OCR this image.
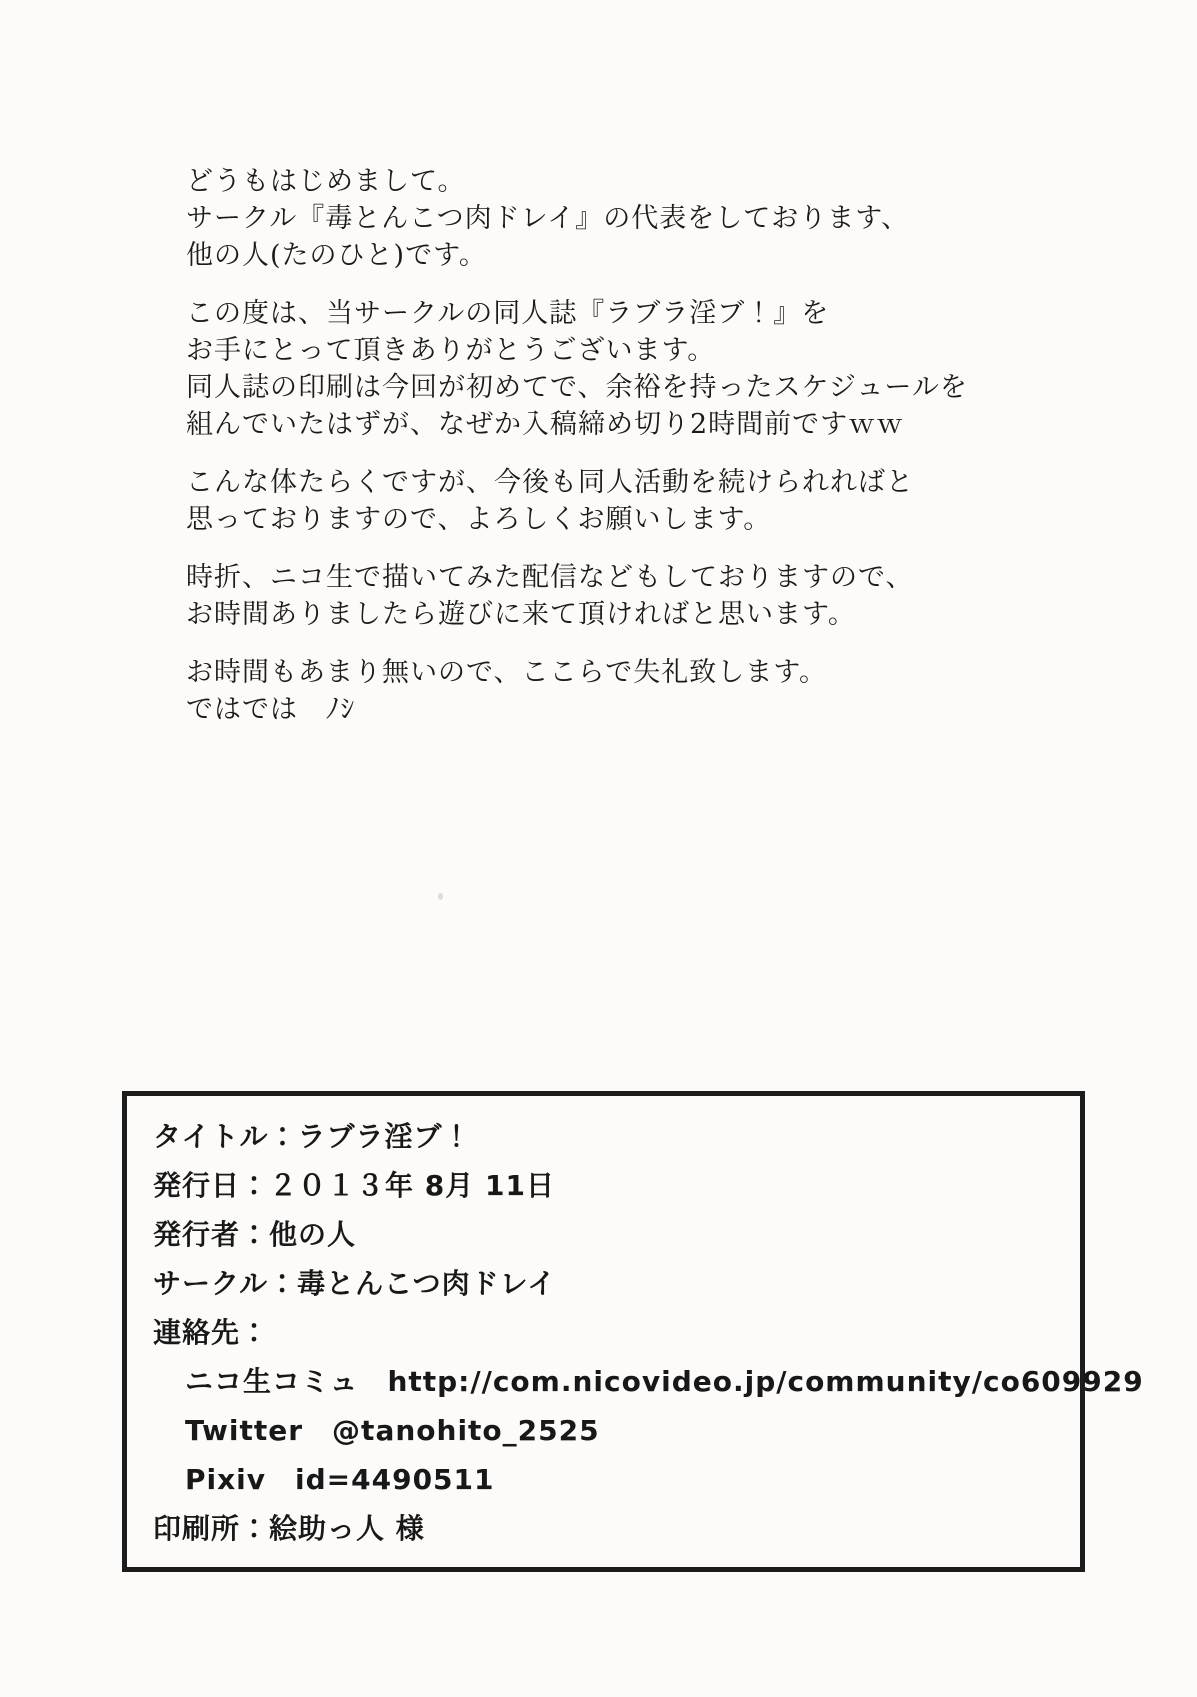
どうもはじめまして。
サークル『毒とんこつ肉ドレイ』の代表をしております、
他の人(たのひと)です。

この度は、当サークルの同人誌『ラブラ淫ブ！』を
お手にとって頂きありがとうございます。
同人誌の印刷は今回が初めてで、余裕を持ったスケジュールを
組んでいたはずが、なぜか入稿締め切り2時間前ですｗｗ

こんな体たらくですが、今後も同人活動を続けられればと
思っておりますので、よろしくお願いします。

時折、ニコ生で描いてみた配信などもしておりますので、
お時間ありましたら遊びに来て頂ければと思います。

お時間もあまり無いので、ここらで失礼致します。
ではでは　ﾉｼ

タイトル：ラブラ淫ブ！
発行日：２０１３年 8月 11日
発行者：他の人
サークル：毒とんこつ肉ドレイ
連絡先：
ニコ生コミュ　http://com.nicovideo.jp/community/co609929
Twitter　@tanohito_2525
Pixiv　id=4490511
印刷所：絵助っ人 様
